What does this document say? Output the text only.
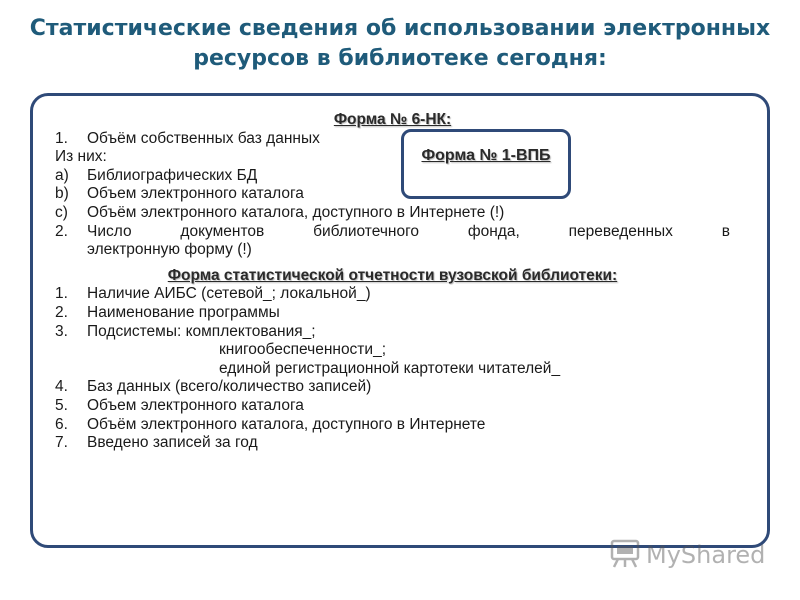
Статистические сведения об использовании электронных ресурсов в библиотеке сегодня:
Форма № 6-НК:
1.	Объём собственных баз данных
Из них:
a)	Библиографических БД
b)	Объем электронного каталога
c)	Объём электронного каталога, доступного в Интернете (!)
2.	Число документов библиотечного фонда, переведенных в
электронную форму (!)
Форма статистической отчетности вузовской библиотеки:
1.	Наличие АИБС (сетевой_; локальной_)
2.	Наименование программы
3.	Подсистемы: комплектования_;
книгообеспеченности_;
единой регистрационной картотеки читателей_
4.	Баз данных (всего/количество записей)
5.	Объем электронного каталога
6.	Объём электронного каталога, доступного в Интернете
7.	Введено записей за год
Форма № 1-ВПБ
MyShared
